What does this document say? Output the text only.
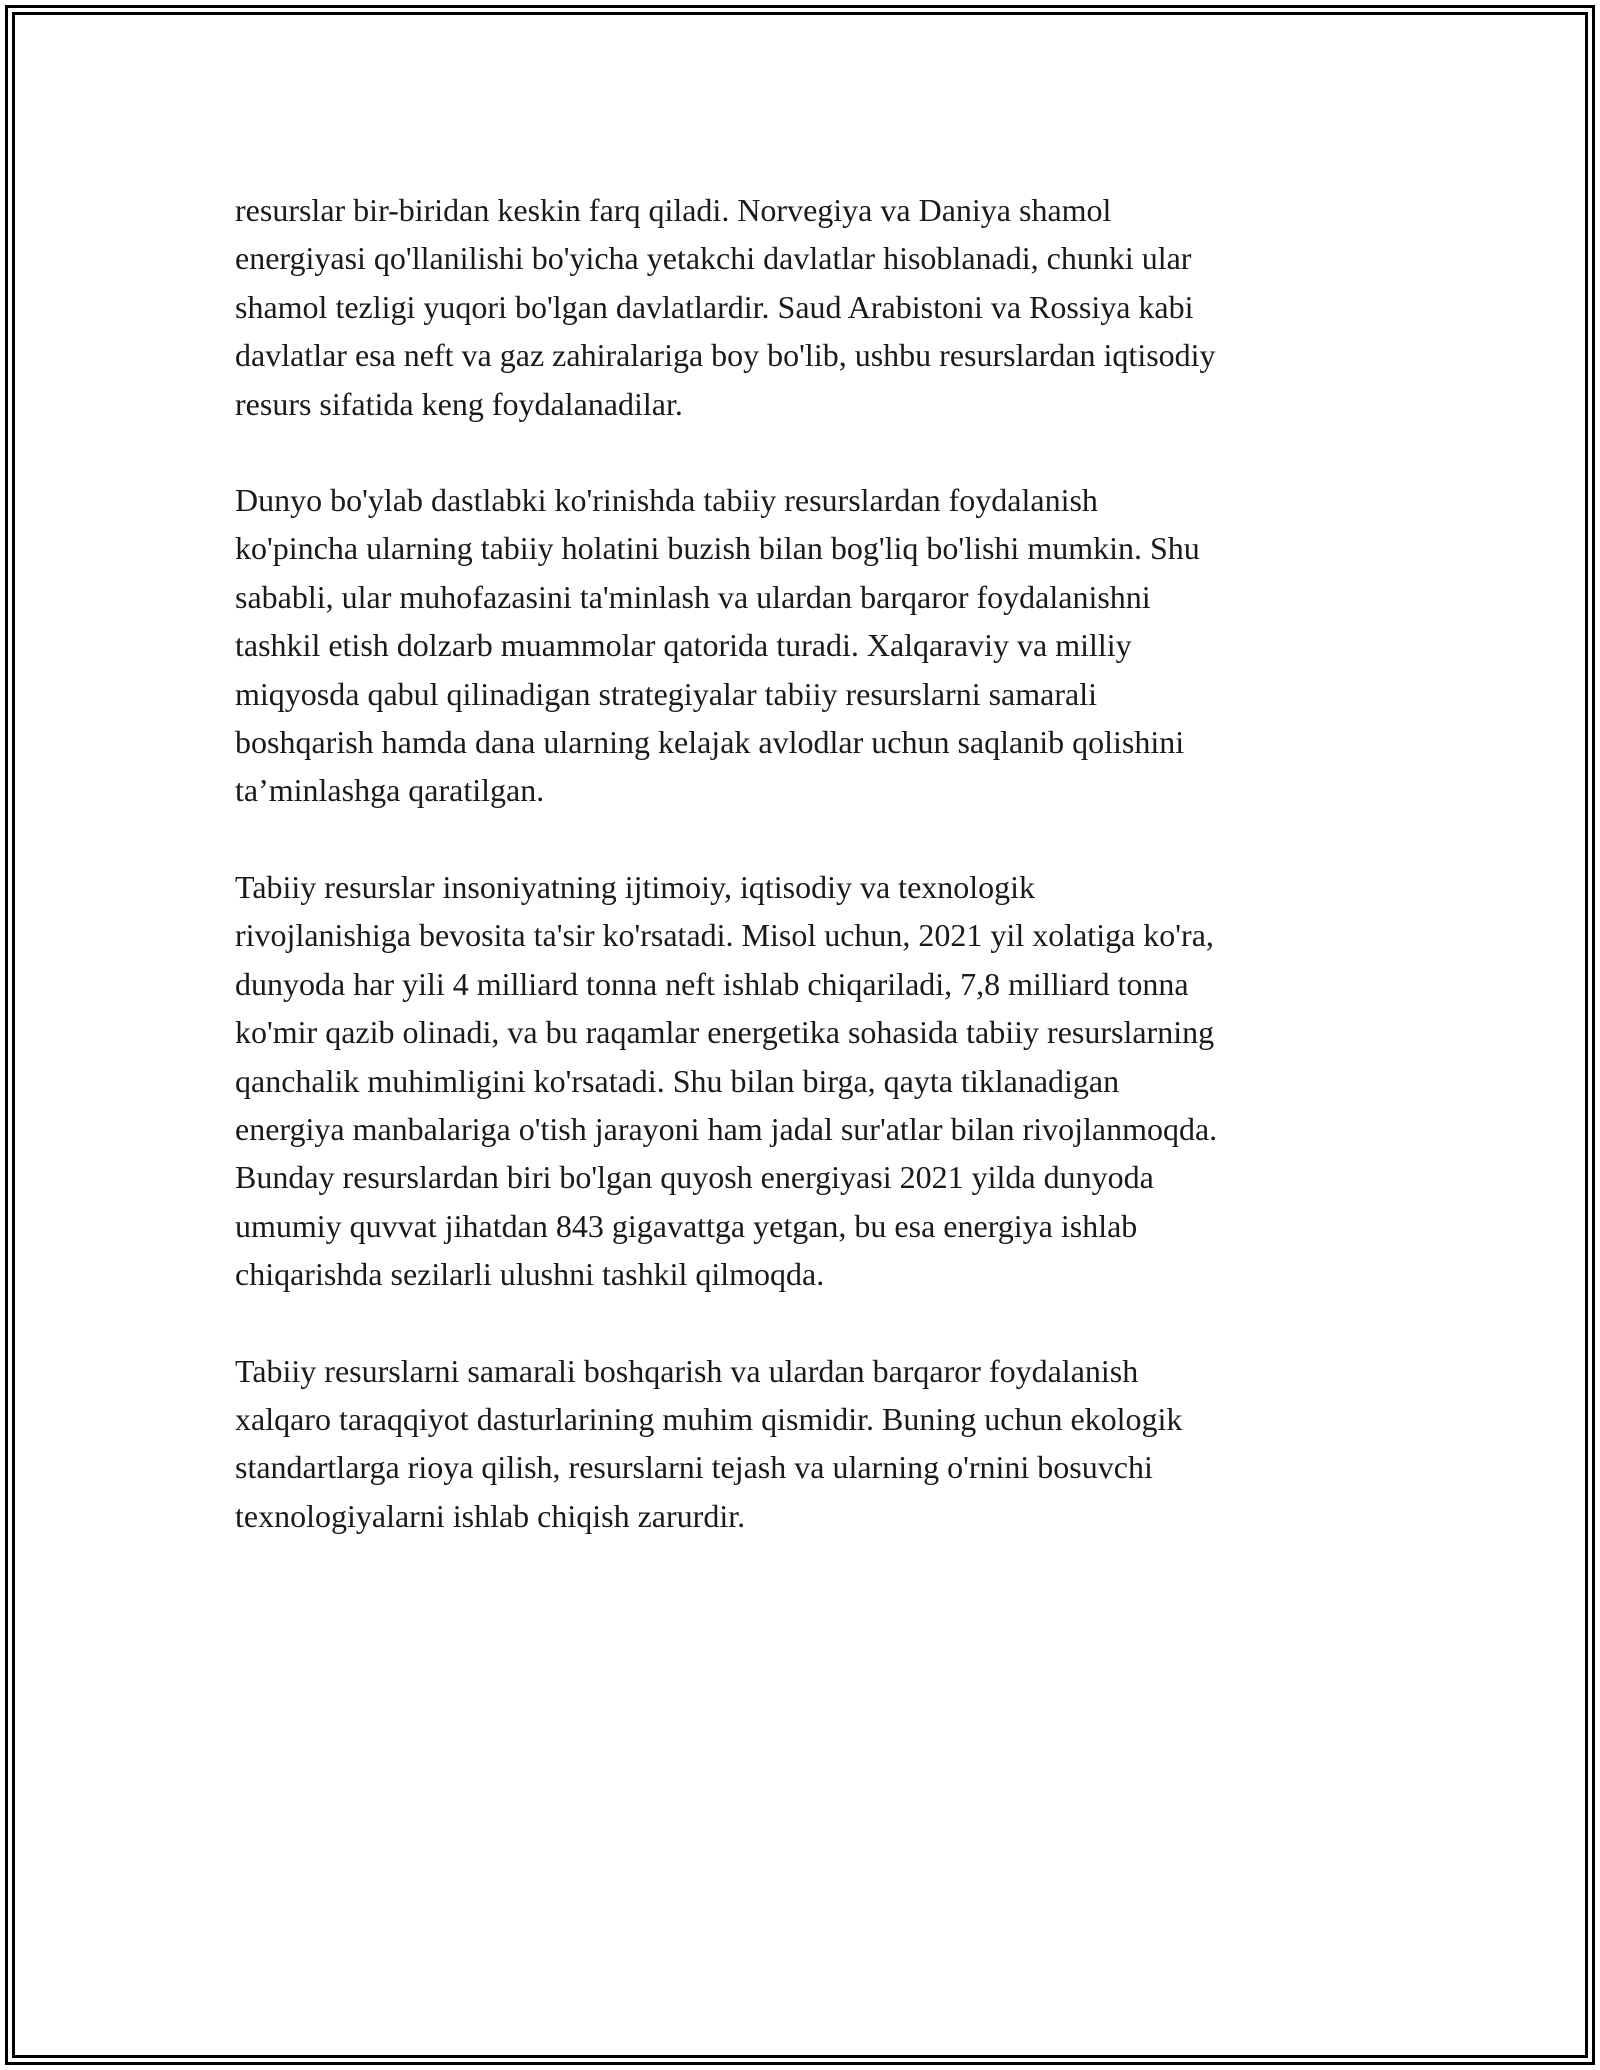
resurslar bir-biridan keskin farq qiladi. Norvegiya va Daniya shamol
energiyasi qo'llanilishi bo'yicha yetakchi davlatlar hisoblanadi, chunki ular
shamol tezligi yuqori bo'lgan davlatlardir. Saud Arabistoni va Rossiya kabi
davlatlar esa neft va gaz zahiralariga boy bo'lib, ushbu resurslardan iqtisodiy
resurs sifatida keng foydalanadilar.

Dunyo bo'ylab dastlabki ko'rinishda tabiiy resurslardan foydalanish
ko'pincha ularning tabiiy holatini buzish bilan bog'liq bo'lishi mumkin. Shu
sababli, ular muhofazasini ta'minlash va ulardan barqaror foydalanishni
tashkil etish dolzarb muammolar qatorida turadi. Xalqaraviy va milliy
miqyosda qabul qilinadigan strategiyalar tabiiy resurslarni samarali
boshqarish hamda dana ularning kelajak avlodlar uchun saqlanib qolishini
ta’minlashga qaratilgan.

Tabiiy resurslar insoniyatning ijtimoiy, iqtisodiy va texnologik
rivojlanishiga bevosita ta'sir ko'rsatadi. Misol uchun, 2021 yil xolatiga ko'ra,
dunyoda har yili 4 milliard tonna neft ishlab chiqariladi, 7,8 milliard tonna
ko'mir qazib olinadi, va bu raqamlar energetika sohasida tabiiy resurslarning
qanchalik muhimligini ko'rsatadi. Shu bilan birga, qayta tiklanadigan
energiya manbalariga o'tish jarayoni ham jadal sur'atlar bilan rivojlanmoqda.
Bunday resurslardan biri bo'lgan quyosh energiyasi 2021 yilda dunyoda
umumiy quvvat jihatdan 843 gigavattga yetgan, bu esa energiya ishlab
chiqarishda sezilarli ulushni tashkil qilmoqda.

Tabiiy resurslarni samarali boshqarish va ulardan barqaror foydalanish
xalqaro taraqqiyot dasturlarining muhim qismidir. Buning uchun ekologik
standartlarga rioya qilish, resurslarni tejash va ularning o'rnini bosuvchi
texnologiyalarni ishlab chiqish zarurdir.
